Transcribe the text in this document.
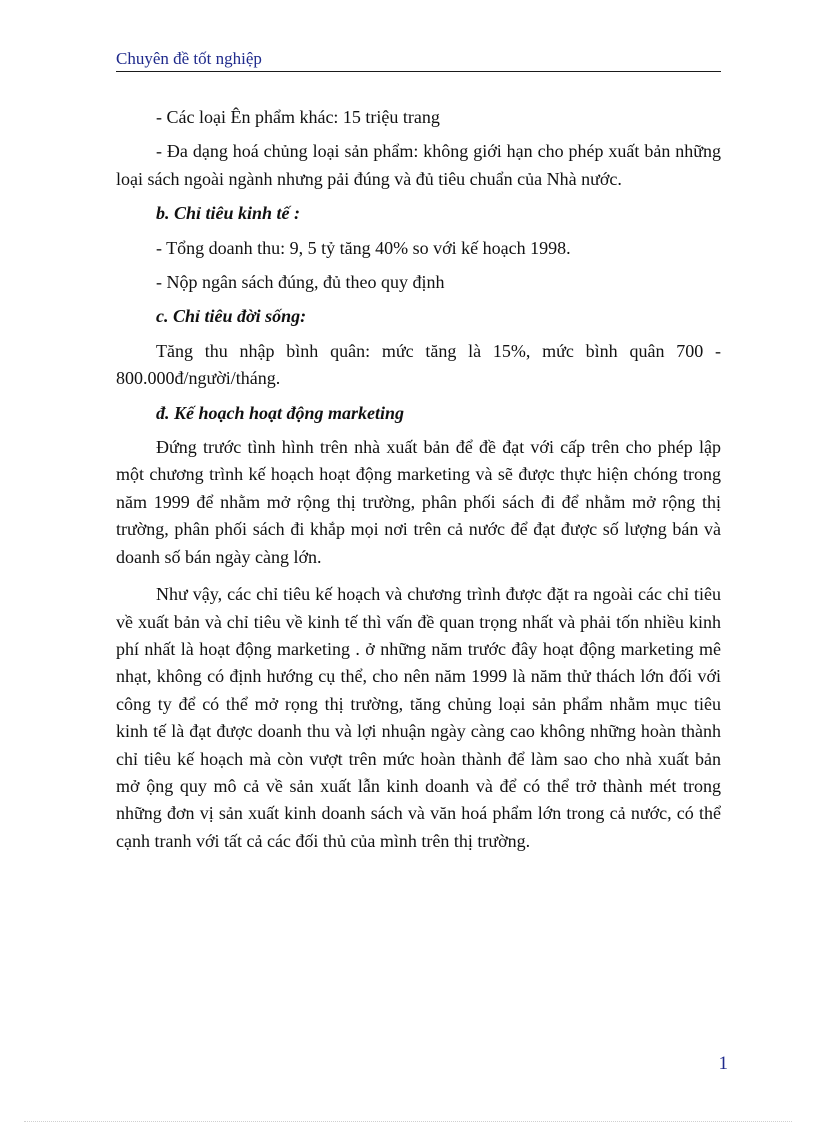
Chuyên đề tốt nghiệp

- Các loại Ên phẩm khác: 15 triệu trang

- Đa dạng hoá chủng loại sản phẩm: không giới hạn cho phép xuất bản những loại sách ngoài ngành nhưng pải đúng và đủ tiêu chuẩn của Nhà nước.

b. Chỉ tiêu kinh tế :

- Tổng doanh thu: 9, 5 tỷ tăng 40% so với kế hoạch 1998.

- Nộp ngân sách đúng, đủ theo quy định

c. Chỉ tiêu đời sống:

Tăng thu nhập bình quân: mức tăng là 15%, mức bình quân 700 - 800.000đ/người/tháng.

đ. Kế hoạch hoạt động marketing

Đứng trước tình hình trên nhà xuất bản để đề đạt với cấp trên cho phép lập một chương trình kế hoạch hoạt động marketing và sẽ được thực hiện chóng trong năm 1999 để nhằm mở rộng thị trường, phân phối sách đi để nhằm mở rộng thị trường, phân phối sách đi khắp mọi nơi trên cả nước để đạt được số lượng bán và doanh số bán ngày càng lớn.

Như vậy, các chỉ tiêu kế hoạch và chương trình được đặt ra ngoài các chỉ tiêu về xuất bản và chỉ tiêu về kinh tế thì vấn đề quan trọng nhất và phải tốn nhiều kinh phí nhất là hoạt động marketing . ở những năm trước đây hoạt động marketing mê nhạt, không có định hướng cụ thể, cho nên năm 1999 là năm thử thách lớn đối với công ty để có thể mở rọng thị trường, tăng chủng loại sản phẩm nhằm mục tiêu kinh tế là đạt được doanh thu và lợi nhuận ngày càng cao không những hoàn thành chỉ tiêu kế hoạch mà còn vượt trên mức hoàn thành để làm sao cho nhà xuất bản mở ộng quy mô cả về sản xuất lẫn kinh doanh và để có thể trở thành mét trong những đơn vị sản xuất kinh doanh sách và văn hoá phẩm lớn trong cả nước, có thể cạnh tranh với tất cả các đối thủ của mình trên thị trường.

1
